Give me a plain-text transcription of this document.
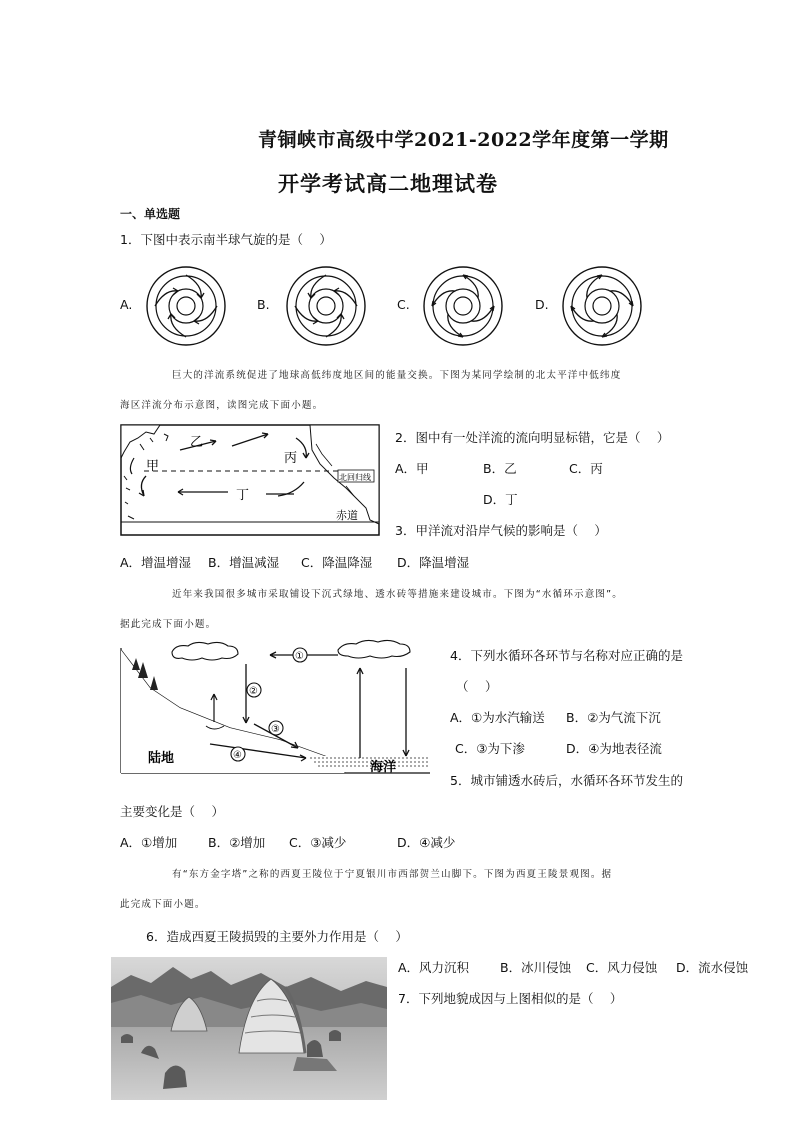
青铜峡市高级中学2021-2022学年度第一学期
开学考试高二地理试卷
一、单选题
1．下图中表示南半球气旋的是（　 ）
A.	B.	C.	D.
巨大的洋流系统促进了地球高低纬度地区间的能量交换。下图为某同学绘制的北太平洋中低纬度
海区洋流分布示意图，读图完成下面小题。
乙
丙
甲
丁
北回归线
赤道
2．图中有一处洋流的流向明显标错，它是（　 ）
A．甲	B．乙	C．丙
D．丁
3．甲洋流对沿岸气候的影响是（　 ）
A．增温增湿 B．增温减湿 C．降温降湿 D．降温增湿
近年来我国很多城市采取铺设下沉式绿地、透水砖等措施来建设城市。下图为“水循环示意图”。
据此完成下面小题。
①
②
③
④
陆地
海洋
4．下列水循环各环节与名称对应正确的是
（　 ）
A．①为水汽输送 B．②为气流下沉
C．③为下渗	D．④为地表径流
5．城市铺透水砖后，水循环各环节发生的
主要变化是（　 ）
A．①增加 B．②增加 C．③减少	D．④减少
有“东方金字塔”之称的西夏王陵位于宁夏银川市西部贺兰山脚下。下图为西夏王陵景观图。据
此完成下面小题。
6．造成西夏王陵损毁的主要外力作用是（　 ）
A．风力沉积 B．冰川侵蚀 C．风力侵蚀 D．流水侵蚀
7．下列地貌成因与上图相似的是（　 ）
